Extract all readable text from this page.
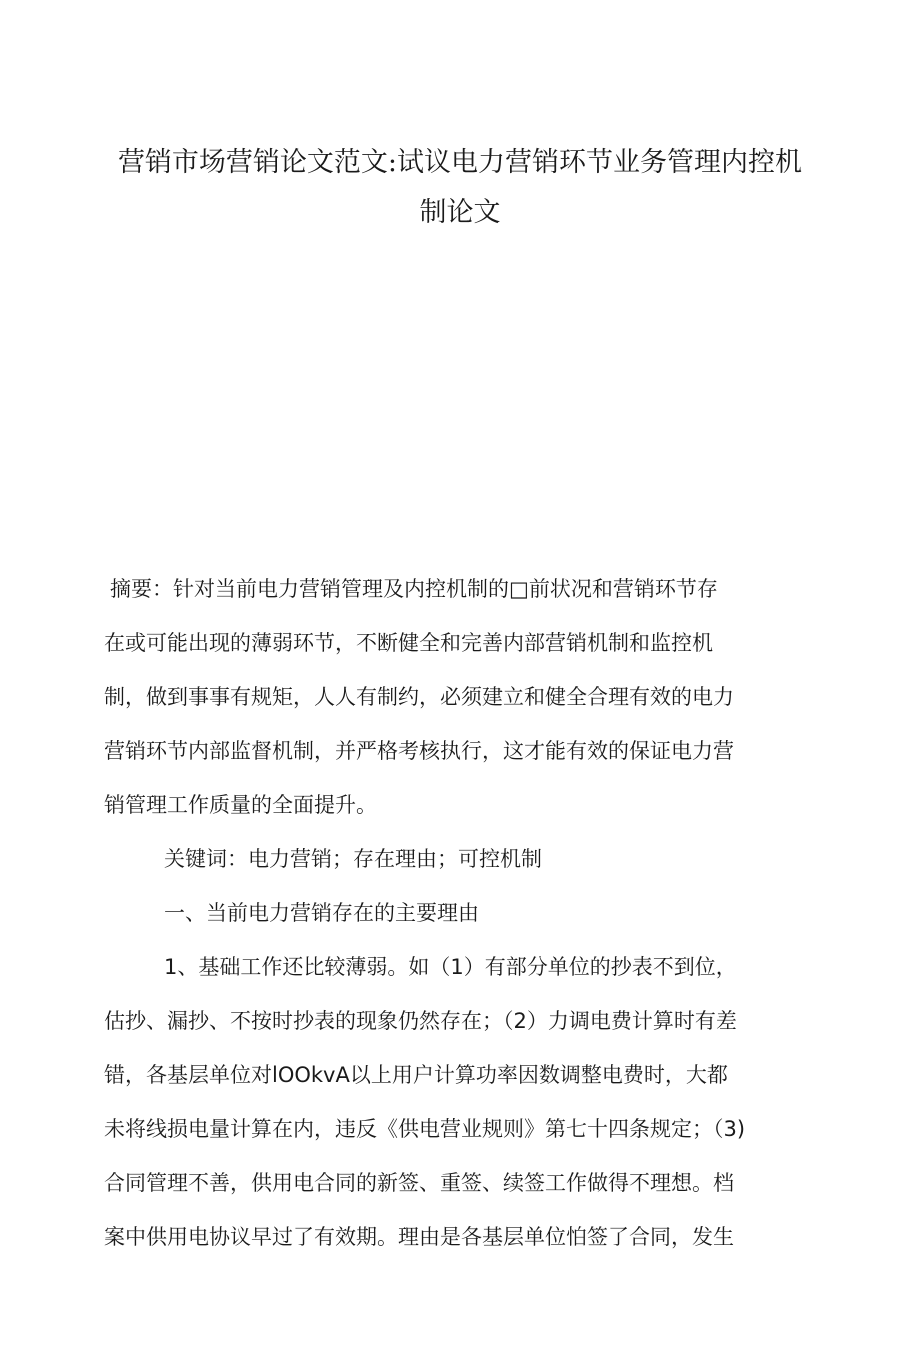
营销市场营销论文范文:试议电力营销环节业务管理内控机
制论文
摘要：针对当前电力营销管理及内控机制的□前状况和营销环节存
在或可能出现的薄弱环节，不断健全和完善内部营销机制和监控机
制，做到事事有规矩，人人有制约，必须建立和健全合理有效的电力
营销环节内部监督机制，并严格考核执行，这才能有效的保证电力营
销管理工作质量的全面提升。
关键词：电力营销；存在理由；可控机制
一、当前电力营销存在的主要理由
1、基础工作还比较薄弱。如（1）有部分单位的抄表不到位，
估抄、漏抄、不按时抄表的现象仍然存在；（2）力调电费计算时有差
错，各基层单位对lOOkvA以上用户计算功率因数调整电费时，大都
未将线损电量计算在内，违反《供电营业规则》第七十四条规定；（3)
合同管理不善，供用电合同的新签、重签、续签工作做得不理想。档
案中供用电协议早过了有效期。理由是各基层单位怕签了合同，发生
